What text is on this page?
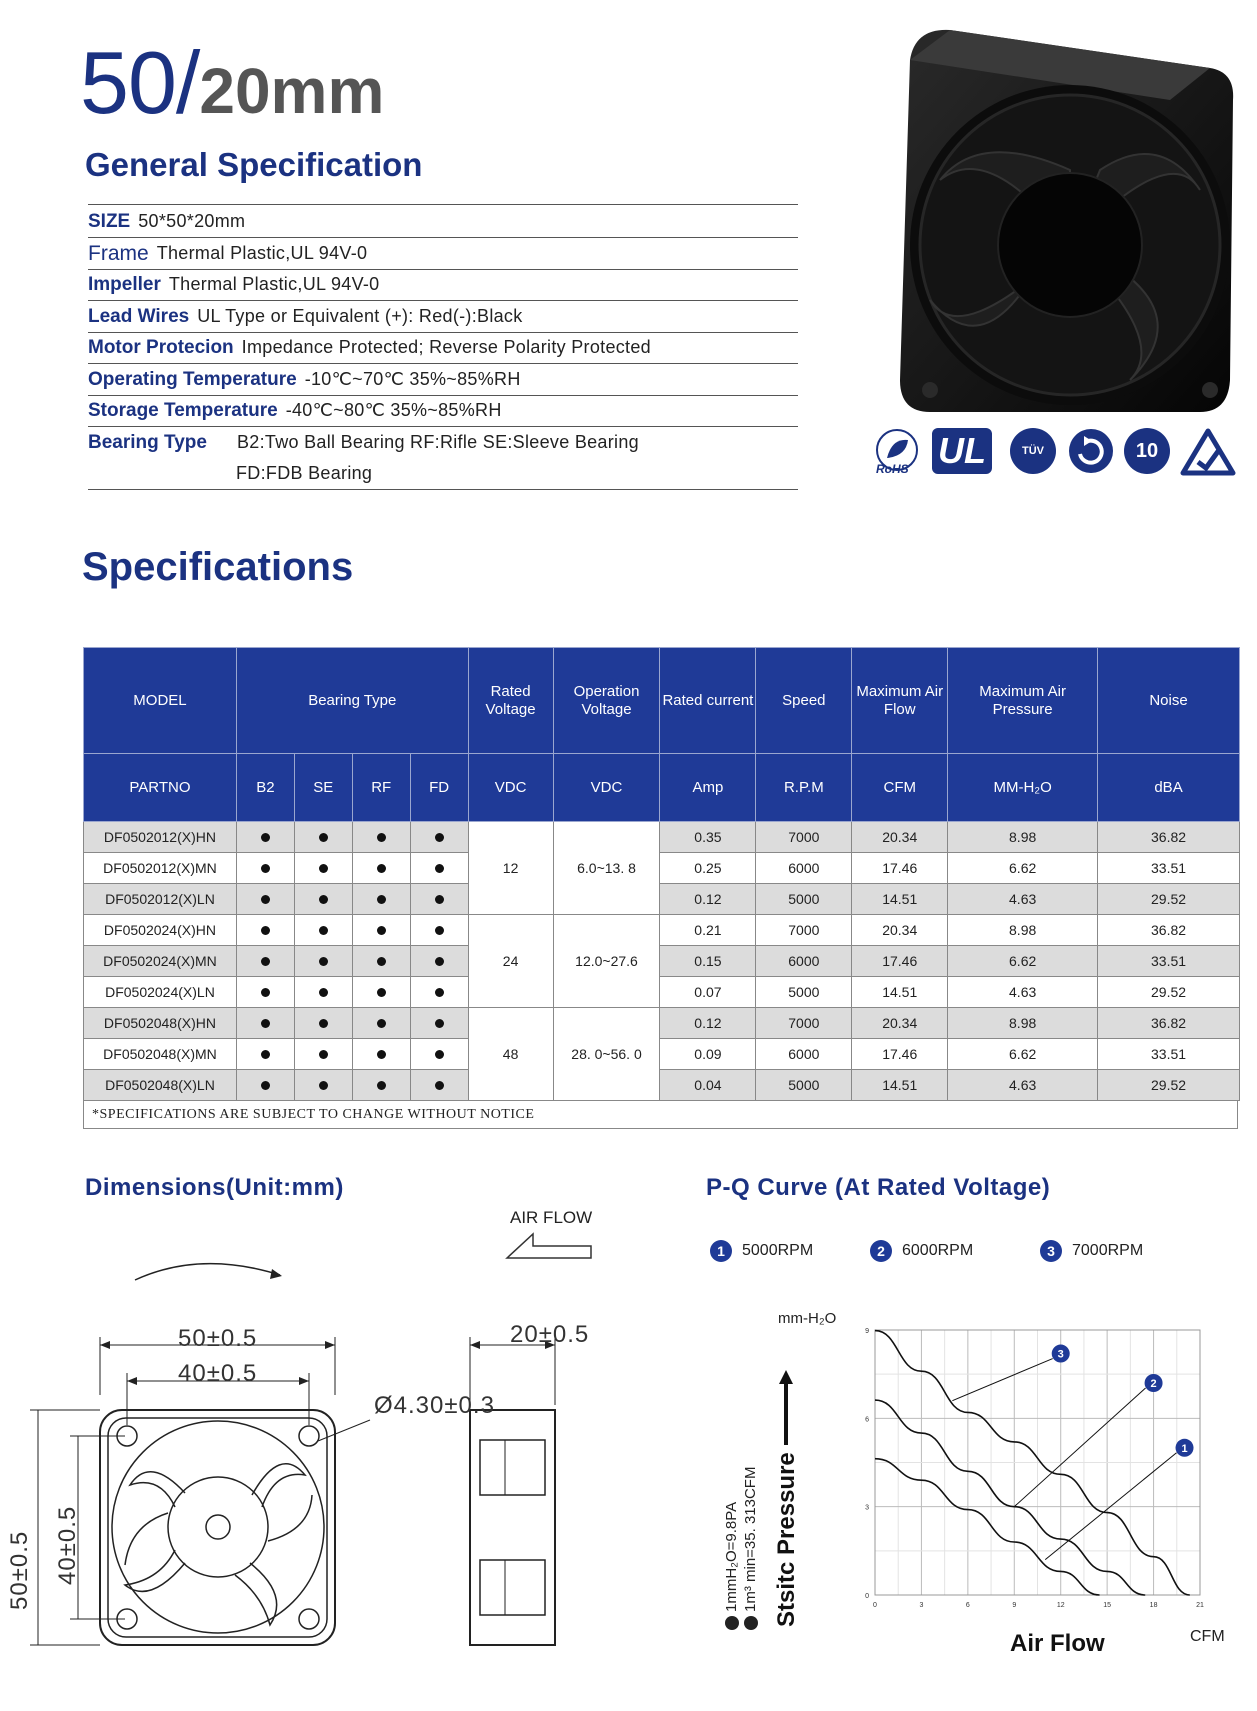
50/20mm
General Specification
SIZE 50*50*20mm
Frame Thermal Plastic,UL 94V-0
Impeller Thermal Plastic,UL 94V-0
Lead Wires UL Type or Equivalent (+): Red(-):Black
Motor Protecion Impedance Protected; Reverse Polarity Protected
Operating Temperature -10℃~70℃ 35%~85%RH
Storage Temperature -40℃~80℃ 35%~85%RH
Bearing Type B2:Two Ball Bearing RF:Rifle SE:Sleeve Bearing
FD:FDB Bearing	RoHS UL	TÜV	10
Specifications
MODEL	Bearing Type				Rated Voltage	Operation Voltage	Rated current	Speed	Maximum Air Flow	Maximum Air Pressure	Noise
PARTNO	B2	SE	RF	FD	VDC	VDC	Amp	R.P.M	CFM	MM-H₂O	dBA
DF0502012(X)HN					12	6.0~13. 8	0.35	7000	20.34	8.98	36.82
DF0502012(X)MN							0.25	6000	17.46	6.62	33.51
DF0502012(X)LN							0.12	5000	14.51	4.63	29.52
DF0502024(X)HN					24	12.0~27.6	0.21	7000	20.34	8.98	36.82
DF0502024(X)MN							0.15	6000	17.46	6.62	33.51
DF0502024(X)LN							0.07	5000	14.51	4.63	29.52
DF0502048(X)HN					48	28. 0~56. 0	0.12	7000	20.34	8.98	36.82
DF0502048(X)MN							0.09	6000	17.46	6.62	33.51
DF0502048(X)LN							0.04	5000	14.51	4.63	29.52
*SPECIFICATIONS ARE SUBJECT TO CHANGE WITHOUT NOTICE
Dimensions(Unit:mm)
AIR FLOW
50±0.5
40±0.5
Ø4.30±0.3
20±0.5
50±0.5 40±0.5
P-Q Curve (At Rated Voltage)
1 5000RPM	2 6000RPM	3 7000RPM
mm-H₂O
1mmH₂O=9.8PA 1m³ min=35. 313CFM Stsitc Pressure	0	3	6	9	12	15	18	21
0
3
6
9
1
2
3
Air Flow	CFM
